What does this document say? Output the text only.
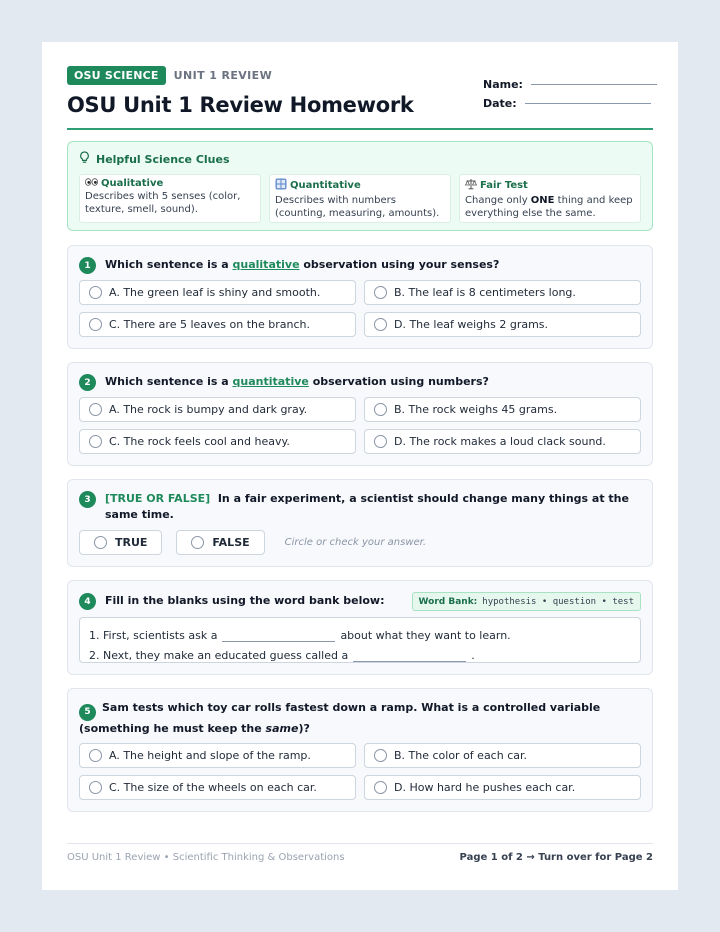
OSU SCIENCE	UNIT 1 REVIEW
OSU Unit 1 Review Homework
Name:
Date:
Helpful Science Clues
Qualitative
Describes with 5 senses (color, texture, smell, sound).
Quantitative
Describes with numbers (counting, measuring, amounts).
Fair Test
Change only ONE thing and keep everything else the same.
1	Which sentence is a qualitative observation using your senses?
A. The green leaf is shiny and smooth.	B. The leaf is 8 centimeters long.
C. There are 5 leaves on the branch.	D. The leaf weighs 2 grams.
2	Which sentence is a quantitative observation using numbers?
A. The rock is bumpy and dark gray.	B. The rock weighs 45 grams.
C. The rock feels cool and heavy.	D. The rock makes a loud clack sound.
3	[TRUE OR FALSE] In a fair experiment, a scientist should change many things at the same time.
TRUE	FALSE	Circle or check your answer.
4	Fill in the blanks using the word bank below:	Word Bank: hypothesis • question • test
1. First, scientists ask a	about what they want to learn.
2. Next, they make an educated guess called a	.
5 Sam tests which toy car rolls fastest down a ramp. What is a controlled variable (something he must keep the same)?
A. The height and slope of the ramp.	B. The color of each car.
C. The size of the wheels on each car.	D. How hard he pushes each car.
OSU Unit 1 Review • Scientific Thinking & Observations	Page 1 of 2 → Turn over for Page 2
